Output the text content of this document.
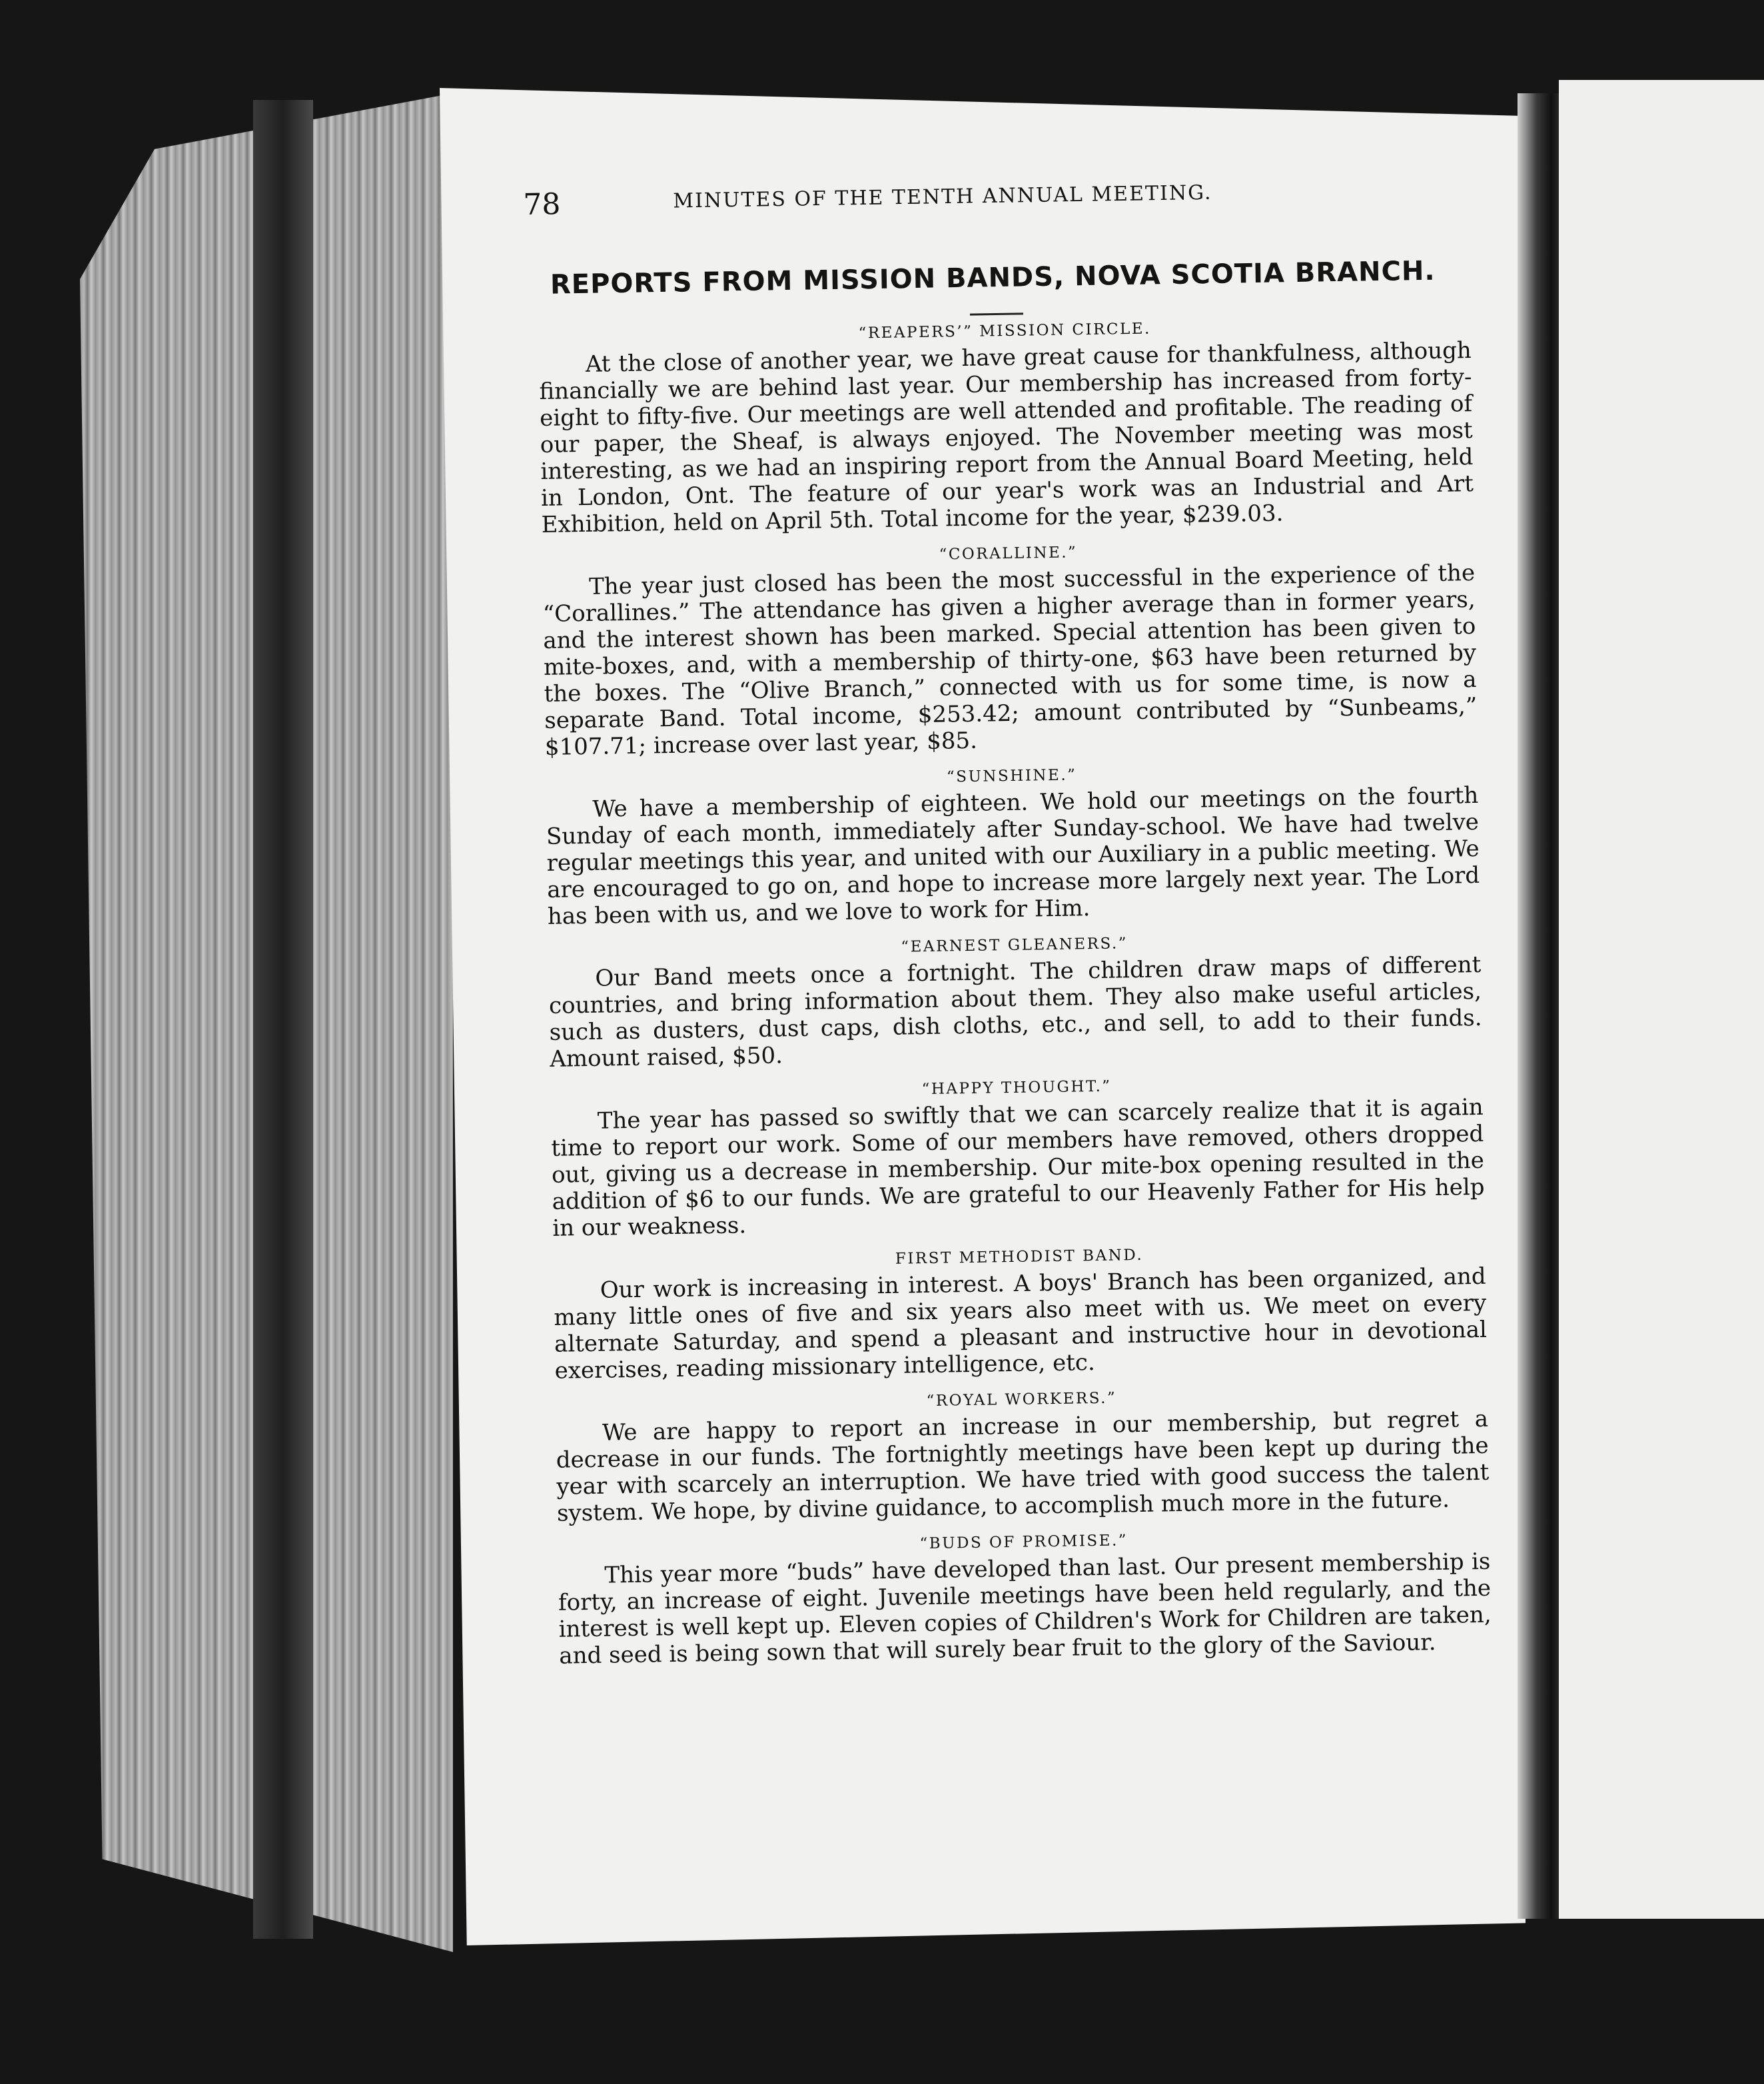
78	MINUTES OF THE TENTH ANNUAL MEETING.
REPORTS FROM MISSION BANDS, NOVA SCOTIA BRANCH.

“REAPERS’” MISSION CIRCLE.

At the close of another year, we have great cause for thankfulness, although financially we are behind last year. Our membership has increased from forty-eight to fifty-five. Our meetings are well attended and profitable. The reading of our paper, the Sheaf, is always enjoyed. The November meeting was most interesting, as we had an inspiring report from the Annual Board Meeting, held in London, Ont. The feature of our year's work was an Industrial and Art Exhibition, held on April 5th. Total income for the year, $239.03.

“CORALLINE.”

The year just closed has been the most successful in the experience of the “Corallines.” The attendance has given a higher average than in former years, and the interest shown has been marked. Special attention has been given to mite-boxes, and, with a membership of thirty-one, $63 have been returned by the boxes. The “Olive Branch,” connected with us for some time, is now a separate Band. Total income, $253.42; amount contributed by “Sunbeams,” $107.71; increase over last year, $85.

“SUNSHINE.”

We have a membership of eighteen. We hold our meetings on the fourth Sunday of each month, immediately after Sunday-school. We have had twelve regular meetings this year, and united with our Auxiliary in a public meeting. We are encouraged to go on, and hope to increase more largely next year. The Lord has been with us, and we love to work for Him.

“EARNEST GLEANERS.”

Our Band meets once a fortnight. The children draw maps of different countries, and bring information about them. They also make useful articles, such as dusters, dust caps, dish cloths, etc., and sell, to add to their funds. Amount raised, $50.

“HAPPY THOUGHT.”

The year has passed so swiftly that we can scarcely realize that it is again time to report our work. Some of our members have removed, others dropped out, giving us a decrease in membership. Our mite-box opening resulted in the addition of $6 to our funds. We are grateful to our Heavenly Father for His help in our weakness.

FIRST METHODIST BAND.

Our work is increasing in interest. A boys' Branch has been organized, and many little ones of five and six years also meet with us. We meet on every alternate Saturday, and spend a pleasant and instructive hour in devotional exercises, reading missionary intelligence, etc.

“ROYAL WORKERS.”

We are happy to report an increase in our membership, but regret a decrease in our funds. The fortnightly meetings have been kept up during the year with scarcely an interruption. We have tried with good success the talent system. We hope, by divine guidance, to accomplish much more in the future.

“BUDS OF PROMISE.”

This year more “buds” have developed than last. Our present membership is forty, an increase of eight. Juvenile meetings have been held regularly, and the interest is well kept up. Eleven copies of Children's Work for Children are taken, and seed is being sown that will surely bear fruit to the glory of the Saviour.
